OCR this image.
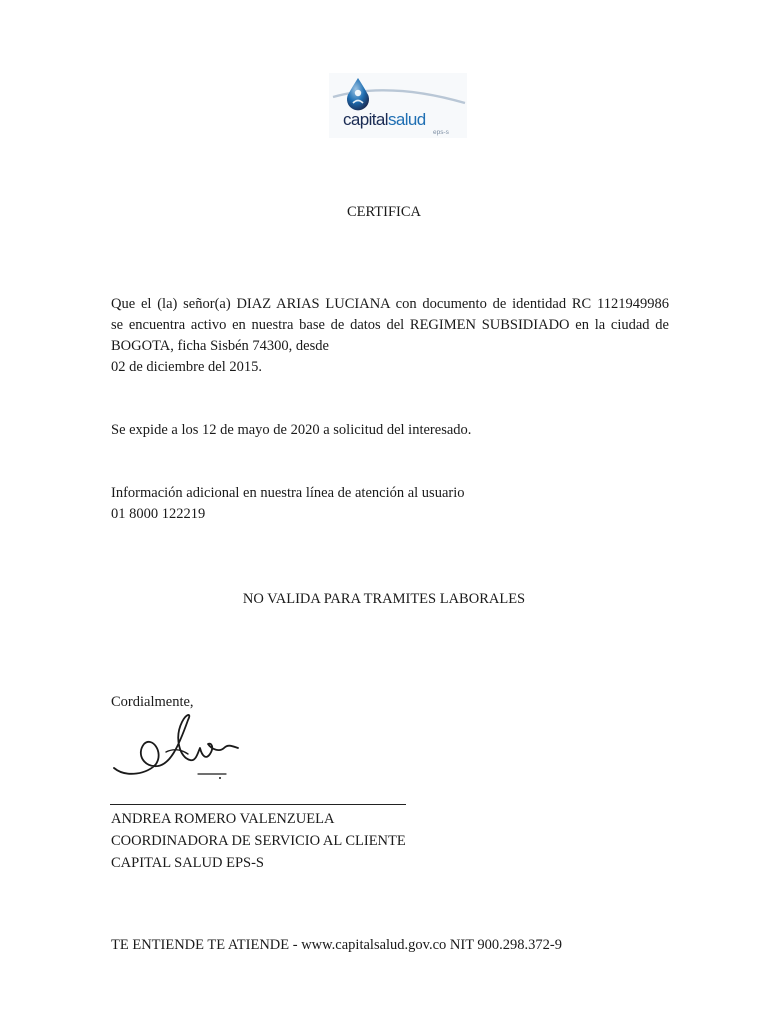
capitalsalud
eps-s
CERTIFICA
Que el (la) señor(a) DIAZ ARIAS LUCIANA con documento de identidad RC 1121949986
se encuentra activo en nuestra base de datos del REGIMEN SUBSIDIADO en la ciudad de
BOGOTA, ficha Sisbén 74300, desde
02 de diciembre del 2015.
Se expide a los 12 de mayo de 2020 a solicitud del interesado.
Información adicional en nuestra línea de atención al usuario
01 8000 122219
NO VALIDA PARA TRAMITES LABORALES
Cordialmente,
ANDREA ROMERO VALENZUELA
COORDINADORA DE SERVICIO AL CLIENTE
CAPITAL SALUD EPS-S
TE ENTIENDE TE ATIENDE - www.capitalsalud.gov.co NIT 900.298.372-9
